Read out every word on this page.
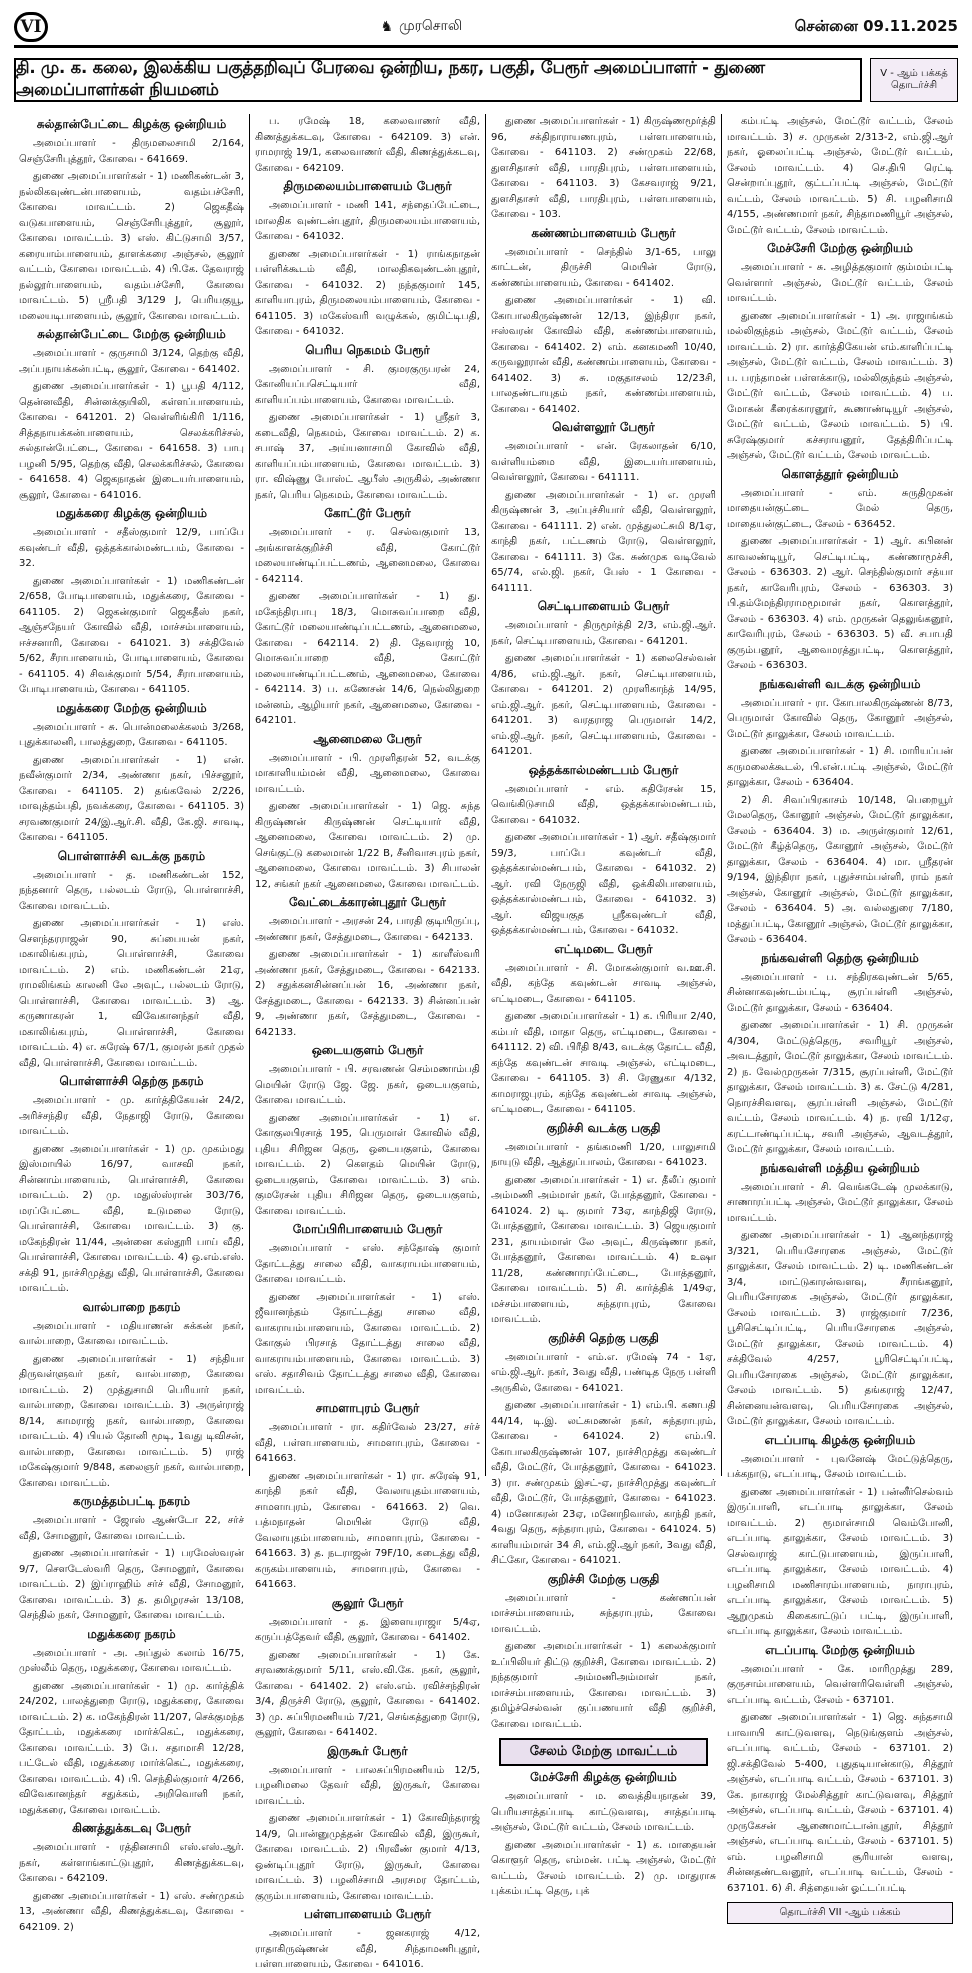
VI	♞ முரசொலி	சென்னை 09.11.2025
தி. மு. க. கலை, இலக்கிய பகுத்தறிவுப் பேரவை ஒன்றிய, நகர, பகுதி, பேரூர் அமைப்பாளர் - துணை அமைப்பாளர்கள் நியமனம்
V - ஆம் பக்கத்
தொடர்ச்சி
சுல்தான்பேட்டை கிழக்கு ஒன்றியம்

அமைப்பாளர் - திருமலைசாமி 2/164, செஞ்சேரிபுத்தூர், கோவை - 641669.

துணை அமைப்பாளர்கள் - 1) மணிகண்டன் 3, நல்லிகவுண்டன்பாளையம், வதம்பச்சேரி, கோவை மாவட்டம். 2) ஜெகதீஷ் வடுகபாளையம், செஞ்சேரிபுத்தூர், சூலூர், கோவை மாவட்டம். 3) எஸ். கிட்டுசாமி 3/57, கரையாம்பாளையம், தாளக்கரை அஞ்சல், சூலூர் வட்டம், கோவை மாவட்டம். 4) பி.கே. தேவராஜ் நல்லூர்பாளையம், வதம்பச்சேரி, கோவை மாவட்டம். 5) ஸ்ரீபதி 3/129 J, பெரியகுயூ, மலையடிபாளையம், சூலூர், கோவை மாவட்டம்.

சுல்தான்பேட்டை மேற்கு ஒன்றியம்

அமைப்பாளர் - குருசாமி 3/124, தெற்கு வீதி, அப்பநாயக்கன்பட்டி, சூலூர், கோவை - 641402.

துணை அமைப்பாளர்கள் - 1) பூபதி 4/112, தென்னவீதி, சின்னக்குயிலி, கள்ளப்பாளையம், கோவை - 641201. 2) வெள்ளிங்கிரி 1/116, சித்தநாயக்கன்பாளையம், செலக்கரிச்சல், சுல்தான்பேட்டை, கோவை - 641658. 3) பாபு பழனி 5/95, தெற்கு வீதி, செலக்கரிச்சல், கோவை - 641658. 4) ஜெகநாதன் இடையர்பாளையம், சூலூர், கோவை - 641016.

மதுக்கரை கிழக்கு ஒன்றியம்

அமைப்பாளர் - சதீஸ்குமார் 12/9, பாப்பே கவுண்டர் வீதி, ஒத்தக்கால்மண்டபம், கோவை - 32.

துணை அமைப்பாளர்கள் - 1) மணிகண்டன் 2/658, போடிபாளையம், மதுக்கரை, கோவை - 641105. 2) ஜெகன்குமார் ஜெகதீஸ் நகர், ஆஞ்சநேயர் கோவில் வீதி, மாச்சம்பாளையம், ஈச்சனாரி, கோவை - 641021. 3) சக்திவேல் 5/62, சீராபாளையம், போடிபாளையம், கோவை - 641105. 4) சிவக்குமார் 5/54, சீராபாளையம், போடிபாளையம், கோவை - 641105.

மதுக்கரை மேற்கு ஒன்றியம்

அமைப்பாளர் - சு. பொன்மலைக்கலம் 3/268, புதுக்காலனி, பாலத்துறை, கோவை - 641105.

துணை அமைப்பாளர்கள் - 1) என். நவீன்குமார் 2/34, அண்ணா நகர், பிச்சனூர், கோவை - 641105. 2) தங்கவேல் 2/226, மாவுத்தம்பதி, நவக்கரை, கோவை - 641105. 3) சரவணகுமார் 24/இ.ஆர்.சி. வீதி, கே.ஜி. சாவடி, கோவை - 641105.

பொள்ளாச்சி வடக்கு நகரம்

அமைப்பாளர் - த. மணிகண்டன் 152, நந்தனார் தெரு, பல்லடம் ரோடு, பொள்ளாச்சி, கோவை மாவட்டம்.

துணை அமைப்பாளர்கள் - 1) எஸ். செளந்தரராஜன் 90, சுப்பையன் நகர், மகாலிங்கபுரம், பொள்ளாச்சி, கோவை மாவட்டம். 2) எம். மணிகண்டன் 21ஏ, ராமலிங்கம் காலனி லே அவுட், பல்லடம் ரோடு, பொள்ளாச்சி, கோவை மாவட்டம். 3) ஆ. கருணாகரன் 1, விவேகானந்தர் வீதி, மகாலிங்கபுரம், பொள்ளாச்சி, கோவை மாவட்டம். 4) எ. சுரேஷ் 67/1, குமரன் நகர் முதல் வீதி, பொள்ளாச்சி, கோவை மாவட்டம்.

பொள்ளாச்சி தெற்கு நகரம்

அமைப்பாளர் - மு. கார்த்திகேயன் 24/2, அரிச்சந்திர வீதி, நேதாஜி ரோடு, கோவை மாவட்டம்.

துணை அமைப்பாளர்கள் - 1) மு. முகம்மது இஸ்மாயில் 16/97, வாசவி நகர், சின்னாம்பாளையம், பொள்ளாச்சி, கோவை மாவட்டம். 2) மு. மதுஸ்ஸ்ரான் 303/76, மரப்பேட்டை வீதி, உடுமலை ரோடு, பொள்ளாச்சி, கோவை மாவட்டம். 3) கு. மகேந்திரன் 11/44, அன்னை கஸ்தூரி பாய் வீதி, பொள்ளாச்சி, கோவை மாவட்டம். 4) ஒ.எம்.எஸ். சக்தி 91, நாச்சிமுத்து வீதி, பொள்ளாச்சி, கோவை மாவட்டம்.

வால்பாறை நகரம்

அமைப்பாளர் - மதியாணன் சுக்கன் நகர், வால்பாறை, கோவை மாவட்டம்.

துணை அமைப்பாளர்கள் - 1) சந்தியா திருவள்ளுவர் நகர், வால்பாறை, கோவை மாவட்டம். 2) முத்துசாமி பெரியார் நகர், வால்பாறை, கோவை மாவட்டம். 3) அருள்ராஜ் 8/14, காமராஜ் நகர், வால்பாறை, கோவை மாவட்டம். 4) பியல் தோனி மூடி, 1வது டிவிசன், வால்பாறை, கோவை மாவட்டம். 5) ராஜ் மகேஷ்குமார் 9/848, கலைஞர் நகர், வால்பாறை, கோவை மாவட்டம்.

கருமத்தம்பட்டி நகரம்

அமைப்பாளர் - ஜோஸ் ஆண்டோ 22, சர்ச் வீதி, சோமனூர், கோவை மாவட்டம்.

துணை அமைப்பாளர்கள் - 1) பரமேஸ்வரன் 9/7, செளடேஸ்வரி தெரு, சோமனூர், கோவை மாவட்டம். 2) இப்ராஹிம் சர்ச் வீதி, சோமனூர், கோவை மாவட்டம். 3) த. தமிழரசன் 13/108, செந்தில் நகர், சோமனூர், கோவை மாவட்டம்.

மதுக்கரை நகரம்

அமைப்பாளர் - அ. அப்துல் கலாம் 16/75, முஸ்லீம் தெரு, மதுக்கரை, கோவை மாவட்டம்.

துணை அமைப்பாளர்கள் - 1) மு. கார்த்திக் 24/202, பாலத்துறை ரோடு, மதுக்கரை, கோவை மாவட்டம். 2) க. மகேந்திரன் 11/207, செக்குமந்த தோட்டம், மதுக்கரை மார்க்கெட், மதுக்கரை, கோவை மாவட்டம். 3) பே. சதாமாசி 12/28, பட்டேல் வீதி, மதுக்கரை மார்க்கெட், மதுக்கரை, கோவை மாவட்டம். 4) பி. செந்தில்குமார் 4/266, விவேகானந்தர் சதுக்கம், அறிவொளி நகர், மதுக்கரை, கோவை மாவட்டம்.

கிணத்துக்கடவு பேரூர்

அமைப்பாளர் - ரத்தினசாமி எஸ்.எஸ்.ஆர். நகர், கள்ளாங்காட்டுபுதூர், கிணத்துக்கடவு, கோவை - 642109.

துணை அமைப்பாளர்கள் - 1) எஸ். சண்முகம் 13, அண்ணா வீதி, கிணத்துக்கடவு, கோவை - 642109. 2)

ப. ரமேஷ் 18, கலைவாணர் வீதி, கிணத்துக்கடவு, கோவை - 642109. 3) என். ராமராஜ் 19/1, கலைவாணர் வீதி, கிணத்துக்கடவு, கோவை - 642109.

திருமலையம்பாளையம் பேரூர்

அமைப்பாளர் - மணி 141, சந்தைப்பேட்டை, மாலதிக வுண்டன்புதூர், திருமலையம்பாளையம், கோவை - 641032.

துணை அமைப்பாளர்கள் - 1) ராங்கநாதன் பள்ளிக்கூடம் வீதி, மாலதிகவுண்டன்புதூர், கோவை - 641032. 2) நந்தகுமார் 145, காளியாபுரம், திருமலையம்பாளையம், கோவை - 641105. 3) மகேஸ்வரி வழுக்கல், குமிட்டிபதி, கோவை - 641032.

பெரிய நெகமம் பேரூர்

அமைப்பாளர் - சி. குமரகுருபரன் 24, கோனியப்பசெட்டியார் வீதி, காளியப்பம்பாளையம், கோவை மாவட்டம்.

துணை அமைப்பாளர்கள் - 1) ஸ்ரீதர் 3, கடைவீதி, நெகமம், கோவை மாவட்டம். 2) க. சபாஷ் 37, அய்யனாசாமி கோவில் வீதி, காளியப்பம்பாளையம், கோவை மாவட்டம். 3) ரா. விஷ்ணு போஸ்ட் ஆபீஸ் அருகில், அண்ணா நகர், பெரிய நெகமம், கோவை மாவட்டம்.

கோட்டூர் பேரூர்

அமைப்பாளர் - ர. செல்வகுமார் 13, அங்காளக்குறிச்சி வீதி, கோட்டூர் மலையாண்டிப்பட்டணம், ஆனைமலை, கோவை - 642114.

துணை அமைப்பாளர்கள் - 1) து. மகேந்திரபாபு 18/3, மொசுவப்பாறை வீதி, கோட்டூர் மலையாண்டிப்பட்டணம், ஆனைமலை, கோவை - 642114. 2) தி. தேவராஜ் 10, மொசுவப்பாறை வீதி, கோட்டூர் மலையாண்டிப்பட்டணம், ஆனைமலை, கோவை - 642114. 3) ப. கணேசன் 14/6, நெல்லிதுறை மன்னம், ஆழியார் நகர், ஆனைமலை, கோவை - 642101.

ஆனைமலை பேரூர்

அமைப்பாளர் - பி. முரளிதரன் 52, வடக்கு மாகாளியம்மன் வீதி, ஆனைமலை, கோவை மாவட்டம்.

துணை அமைப்பாளர்கள் - 1) ஜெ. சுந்த கிருஷ்ணன் கிருஷ்ணன் செட்டியார் வீதி, ஆனைமலை, கோவை மாவட்டம். 2) மு. செங்குட்டு கலைமான் 1/22 B, சீனிவாசபுரம் நகர், ஆனைமலை, கோவை மாவட்டம். 3) சிபாலன் 12, சங்கர் நகர் ஆனைமலை, கோவை மாவட்டம்.

வேட்டைக்காரன்புதூர் பேரூர்

அமைப்பாளர் - அரசன் 24, பாரதி குடியிருப்பு, அண்ணா நகர், சேத்துமடை, கோவை - 642133.

துணை அமைப்பாளர்கள் - 1) காளீஸ்வரி அண்ணா நகர், சேத்துமடை, கோவை - 642133. 2) சதுக்கனசின்னப்பன் 16, அண்ணா நகர், சேத்துமடை, கோவை - 642133. 3) சின்னப்பன் 9, அண்ணா நகர், சேத்துமடை, கோவை - 642133.

ஒடையகுளம் பேரூர்

அமைப்பாளர் - பி. சரவணன் செம்மணாம்பதி மெயின் ரோடு ஜே. ஜே. நகர், ஒடையகுளம், கோவை மாவட்டம்.

துணை அமைப்பாளர்கள் - 1) எ. கோகுலபிரசாத் 195, பெருமாள் கோவில் வீதி, புதிய சிரிஜன தெரு, ஒடையகுளம், கோவை மாவட்டம். 2) கெளதம் மெயின் ரோடு, ஒடையகுளம், கோவை மாவட்டம். 3) எம். குமரேசன் புதிய சிரிஜன தெரு, ஒடையகுளம், கோவை மாவட்டம்.

மோப்பிரிபாளையம் பேரூர்

அமைப்பாளர் - எஸ். சந்தோஷ் குமார் தோட்டத்து சாலை வீதி, வாகராயம்பாளையம், கோவை மாவட்டம்.

துணை அமைப்பாளர்கள் - 1) எஸ். ஜீவானந்தம் தோட்டத்து சாலை வீதி, வாகராயம்பாளையம், கோவை மாவட்டம். 2) கோகுல் பிரசாத் தோட்டத்து சாலை வீதி, வாகராயம்பாளையம், கோவை மாவட்டம். 3) எஸ். சதாசிவம் தோட்டத்து சாலை வீதி, கோவை மாவட்டம்.

சாமளாபுரம் பேரூர்

அமைப்பாளர் - ரா. கதிர்வேல் 23/27, சர்ச் வீதி, பள்ளபாளையம், சாமளாபுரம், கோவை - 641663.

துணை அமைப்பாளர்கள் - 1) ரா. சுரேஷ் 91, காந்தி நகர் வீதி, வேலாயுதம்பாளையம், சாமளாபுரம், கோவை - 641663. 2) வெ. பத்மநாதன் மெயின் ரோடு வீதி, வேலாயுதம்பாளையம், சாமளாபுரம், கோவை - 641663. 3) த. நடராஜன் 79F/10, கடைத்து வீதி, கருகம்பாளையம், சாமளாபுரம், கோவை - 641663.

சூலூர் பேரூர்

அமைப்பாளர் - த. இளையராஜா 5/4ஏ, கருப்பத்தேவர் வீதி, சூலூர், கோவை - 641402.

துணை அமைப்பாளர்கள் - 1) கே. சரவணக்குமார் 5/11, எஸ்.வி.கே. நகர், சூலூர், கோவை - 641402. 2) எஸ்.எம். ரவிச்சந்திரன் 3/4, திருச்சி ரோடு, சூலூர், கோவை - 641402. 3) மு. சுப்பிரமணியம் 7/21, செங்கத்துறை ரோடு, சூலூர், கோவை - 641402.

இருகூர் பேரூர்

அமைப்பாளர் - பாலசுப்பிரமணியம் 12/5, பழனிமலை தேவர் வீதி, இருகூர், கோவை மாவட்டம்.

துணை அமைப்பாளர்கள் - 1) கோவிந்தராஜ் 14/9, பொன்னுமுத்தன் கோவில் வீதி, இருகூர், கோவை மாவட்டம். 2) பிரவீண் குமார் 4/13, ஒண்டிப்புதூர் ரோடு, இருகூர், கோவை மாவட்டம். 3) பழனிச்சாமி அரசமர தோட்டம், குரும்பபாளையம், கோவை மாவட்டம்.

பள்ளபாளையம் பேரூர்

அமைப்பாளர் - ஜனகராஜ் 4/12, ராதாகிருஷ்ணன் வீதி, சிந்தாமணிபுதூர், பள்ளபாளையம், கோவை - 641016.

துணை அமைப்பாளர்கள் - 1) கிருஷ்ணமூர்த்தி 96, சக்திநாராயணபுரம், பள்ளபாளையம், கோவை - 641103. 2) சண்முகம் 22/68, துளசிதாசர் வீதி, பாரதிபுரம், பள்ளபாளையம், கோவை - 641103. 3) கேசவராஜ் 9/21, துளசிதாசர் வீதி, பாரதிபுரம், பள்ளபாளையம், கோவை - 103.

கண்ணம்பாளையம் பேரூர்

அமைப்பாளர் - செந்தில் 3/1-65, பாலு காட்டன், திருச்சி மெயின் ரோடு, கண்ணம்பாளையம், கோவை - 641402.

துணை அமைப்பாளர்கள் - 1) வி. கோபாலகிருஷ்ணன் 12/13, இந்திரா நகர், ஈஸ்வரன் கோவில் வீதி, கண்ணம்பாளையம், கோவை - 641402. 2) எம். கனகமணி 10/40, கருவலூரான் வீதி, கண்ணம்பாளையம், கோவை - 641402. 3) சு. மகுதாசலம் 12/23சி, பாலதண்டாயுதம் நகர், கண்ணம்பாளையம், கோவை - 641402.

வெள்ளலூர் பேரூர்

அமைப்பாளர் - என். ரேகலாதன் 6/10, வள்ளியம்மை வீதி, இடையர்பாளையம், வெள்ளலூர், கோவை - 641111.

துணை அமைப்பாளர்கள் - 1) எ. முரளி கிருஷ்ணன் 3, அப்புச்சியார் வீதி, வெள்ளலூர், கோவை - 641111. 2) என். முத்துலட்சுமி 8/1ஏ, காந்தி நகர், பட்டணம் ரோடு, வெள்ளலூர், கோவை - 641111. 3) கே. சுண்முக வடிவேல் 65/74, எல்.ஜி. நகர், பேஸ் - 1 கோவை - 641111.

செட்டிபாளையம் பேரூர்

அமைப்பாளர் - திருமூர்த்தி 2/3, எம்.ஜி.ஆர். நகர், செட்டிபாளையம், கோவை - 641201.

துணை அமைப்பாளர்கள் - 1) கலைசெல்வன் 4/86, எம்.ஜி.ஆர். நகர், செட்டிபாளையம், கோவை - 641201. 2) முரளிகாந்த் 14/95, எம்.ஜி.ஆர். நகர், செட்டிபாளையம், கோவை - 641201. 3) வரதராஜ பெருமாள் 14/2, எம்.ஜி.ஆர். நகர், செட்டிபாளையம், கோவை - 641201.

ஒத்தக்கால்மண்டபம் பேரூர்

அமைப்பாளர் - எம். கதிரேசன் 15, வெங்கிடுசாமி வீதி, ஒத்தக்கால்மண்டபம், கோவை - 641032.

துணை அமைப்பாளர்கள் - 1) ஆர். சதீஷ்குமார் 59/3, பாப்பே கவுண்டர் வீதி, ஒத்தக்கால்மண்டபம், கோவை - 641032. 2) ஆர். ரவி நேருஜி வீதி, ஒக்கிலிபாளையம், ஒத்தக்கால்மண்டபம், கோவை - 641032. 3) ஆர். விஜயகுத ஸ்ரீகவுண்டர் வீதி, ஒத்தக்கால்மண்டபம், கோவை - 641032.

எட்டிமடை பேரூர்

அமைப்பாளர் - சி. மோகன்குமார் வ.ஊ.சி. வீதி, கந்தே கவுண்டன் சாவடி அஞ்சல், எட்டிமடை, கோவை - 641105.

துணை அமைப்பாளர்கள் - 1) க. பிரியா 2/40, கம்பர் வீதி, மாதா தெரு, எட்டிமடை, கோவை - 641112. 2) வி. பிரீதி 8/43, வடக்கு தோட்ட வீதி, கந்தே கவுண்டன் சாவடி அஞ்சல், எட்டிமடை, கோவை - 641105. 3) சி. ரேணுகா 4/132, காமராஜபுரம், கந்தே கவுண்டன் சாவடி அஞ்சல், எட்டிமடை, கோவை - 641105.

குறிச்சி வடக்கு பகுதி

அமைப்பாளர் - தங்கமணி 1/20, பாலுசாமி நாயுடு வீதி, ஆத்துப்பாலம், கோவை - 641023.

துணை அமைப்பாளர்கள் - 1) எ. தீலீப் குமார் அம்மணி அம்மாள் நகர், போத்தனூர், கோவை - 641024. 2) டி. குமார் 73ஏ, காந்திஜி ரோடு, போத்தனூர், கோவை மாவட்டம். 3) ஜெயகுமார் 231, தாயம்மாள் லே அவுட், கிருஷ்ணா நகர், போத்தனூர், கோவை மாவட்டம். 4) உஷா 11/28, கண்ணாரப்பேட்டை, போத்தனூர், கோவை மாவட்டம். 5) சி. கார்த்திக் 1/49ஏ, மச்சம்பாளையம், சுந்தராபுரம், கோவை மாவட்டம்.

குறிச்சி தெற்கு பகுதி

அமைப்பாளர் - எம்.எ. ரமேஷ் 74 - 1ஏ, எம்.ஜி.ஆர். நகர், 3வது வீதி, பண்டித நேரு பள்ளி அருகில், கோவை - 641021.

துணை அமைப்பாளர்கள் - 1) எம்.பி. கணபதி 44/14, டி.இ. லட்சுமணன் நகர், சுந்தராபுரம், கோவை - 641024. 2) எம்.பி. கோபாலகிருஷ்ணன் 107, நாச்சிமுத்து கவுண்டர் வீதி, மேட்டூர், போத்தனூர், கோவை - 641023. 3) ரா. சண்முகம் இசட்-ஏ, நாச்சிமுத்து கவுண்டர் வீதி, மேட்டூர், போத்தனூர், கோவை - 641023. 4) மனோகரன் 23ஏ, மனோநிவாஸ், காந்தி நகர், 4வது தெரு, சுந்தராபுரம், கோவை - 641024. 5) காளியம்மாள் 34 சி, எம்.ஜி.ஆர் நகர், 3வது வீதி, சிட்கோ, கோவை - 641021.

குறிச்சி மேற்கு பகுதி

அமைப்பாளர் - கண்ணப்பன் மாச்சம்பாளையம், சுந்தராபுரம், கோவை மாவட்டம்.

துணை அமைப்பாளர்கள் - 1) கலைக்குமார் உப்பிலியர் திட்டு குறிச்சி, கோவை மாவட்டம். 2) நந்தகுமார் அம்மணிஅம்மாள் நகர், மாச்சம்பாளையம், கோவை மாவட்டம். 3) தமிழ்ச்செல்வன் குப்பணயார் வீதி குறிச்சி, கோவை மாவட்டம்.

சேலம் மேற்கு மாவட்டம்
மேச்சேரி கிழக்கு ஒன்றியம்

அமைப்பாளர் - ம. வைத்தியநாதன் 39, பெரியசாத்தப்பாடி காட்டுவளவு, சாத்தப்பாடி அஞ்சல், மேட்டூர் வட்டம், சேலம் மாவட்டம்.

துணை அமைப்பாளர்கள் - 1) க. மாதையன் கொளூர் தெரு, எம்மன். பட்டி அஞ்சல், மேட்டூர் வட்டம், சேலம் மாவட்டம். 2) மு. மாதுராசு புக்கம்பட்டி தெரு, புக்

கம்பட்டி அஞ்சல், மேட்டூர் வட்டம், சேலம் மாவட்டம். 3) ச. முருகன் 2/313-2, எம்.ஜி.ஆர் நகர், ஓலைப்பட்டி அஞ்சல், மேட்டூர் வட்டம், சேலம் மாவட்டம். 4) செ.திபி ரெட்டி சென்றாப்புதூர், குட்டப்பட்டி அஞ்சல், மேட்டூர் வட்டம், சேலம் மாவட்டம். 5) சி. பழனிசாமி 4/155, அண்ணமார் நகர், சிந்தாமணியூர் அஞ்சல், மேட்டூர் வட்டம், சேலம் மாவட்டம்.

மேச்சேரி மேற்கு ஒன்றியம்

அமைப்பாளர் - சு. அழித்தகுமார் கும்மம்பட்டி வெள்ளார் அஞ்சல், மேட்டூர் வட்டம், சேலம் மாவட்டம்.

துணை அமைப்பாளர்கள் - 1) அ. ராஜாங்கம் மல்லிகுந்தம் அஞ்சல், மேட்டூர் வட்டம், சேலம் மாவட்டம். 2) ரா. கார்த்திகேயன் எம்.காளிப்பட்டி அஞ்சல், மேட்டூர் வட்டம், சேலம் மாவட்டம். 3) ப. பரந்தாமன் பள்ளக்காடு, மல்லிகுந்தம் அஞ்சல், மேட்டூர் வட்டம், சேலம் மாவட்டம். 4) ப. மோகன் கீரைக்காரனூர், கூணாண்டியூர் அஞ்சல், மேட்டூர் வட்டம், சேலம் மாவட்டம். 5) பி. சுரேஷ்குமார் கச்சராயனூர், தேத்திரிப்பட்டி அஞ்சல், மேட்டூர் வட்டம், சேலம் மாவட்டம்.

கொளத்தூர் ஒன்றியம்

அமைப்பாளர் - எம். சுருதிமுகன் மாதையன்குட்டை மேல் தெரு, மாதையன்குட்டை, சேலம் - 636452.

துணை அமைப்பாளர்கள் - 1) ஆர். கபினன் காவலண்டியூர், செட்டிபட்டி, கண்ணாமூச்சி, சேலம் - 636303. 2) ஆர். செந்தில்குமார் சத்யா நகர், காவேரிபுரம், சேலம் - 636303. 3) பி.தம்மேந்திரராமமூமாள் நகர், கொளத்தூர், சேலம் - 636303. 4) எம். முருகன் தெலுங்கனூர், காவேரிபுரம், சேலம் - 636303. 5) வீ. சபாபதி குரும்பனூர், ஆவைமரத்துபட்டி, கொளத்தூர், சேலம் - 636303.

நங்கவள்ளி வடக்கு ஒன்றியம்

அமைப்பாளர் - ரா. கோபாலகிருஷ்ணன் 8/73, பெருமாள் கோவில் தெரு, கோனூர் அஞ்சல், மேட்டூர் தாலுக்கா, சேலம் மாவட்டம்.

துணை அமைப்பாளர்கள் - 1) சி. மாரியப்பன் கருமலைக்கூடல், பி.என்.பட்டி அஞ்சல், மேட்டூர் தாலுக்கா, சேலம் - 636404.

2) சி. சிவப்பிரகாசம் 10/148, பெறையூர் மேலதெரு, கோனூர் அஞ்சல், மேட்டூர் தாலுக்கா, சேலம் - 636404. 3) ம. அருள்குமார் 12/61, மேட்டூர் கீழ்த்தெரு, கோனூர் அஞ்சல், மேட்டூர் தாலுக்கா, சேலம் - 636404. 4) மா. ஸ்ரீதரன் 9/194, இந்திரா நகர், புதுச்சாம்பள்ளி, ராம் நகர் அஞ்சல், கோனூர் அஞ்சல், மேட்டூர் தாலுக்கா, சேலம் - 636404. 5) அ. வல்லதுரை 7/180, மத்துப்பட்டி, கோனூர் அஞ்சல், மேட்டூர் தாலுக்கா, சேலம் - 636404.

நங்கவள்ளி தெற்கு ஒன்றியம்

அமைப்பாளர் - ப. சந்திரகவுண்டன் 5/65, சின்னாகவுண்டம்பட்டி, சூரப்பள்ளி அஞ்சல், மேட்டூர் தாலுக்கா, சேலம் - 636404.

துணை அமைப்பாளர்கள் - 1) சி. முருகன் 4/304, மேட்டுத்தெரு, சவரியூர் அஞ்சல், அவடத்தூர், மேட்டூர் தாலுக்கா, சேலம் மாவட்டம். 2) ந. வேல்முருகன் 7/315, சூரப்பள்ளி, மேட்டூர் தாலுக்கா, சேலம் மாவட்டம். 3) க. சேட்டு 4/281, நொரச்சிவளவு, சூரப்பள்ளி அஞ்சல், மேட்டூர் வட்டம், சேலம் மாவட்டம். 4) ந. ரவி 1/12ஏ, கரட்டாண்டிப்பட்டி, சவரி அஞ்சல், ஆவடத்தூர், மேட்டூர் தாலுக்கா, சேலம் மாவட்டம்.

நங்கவள்ளி மத்திய ஒன்றியம்

அமைப்பாளர் - சி. வெங்கடேஷ் முலக்காடு, சாணாரப்பட்டி அஞ்சல், மேட்டூர் தாலுக்கா, சேலம் மாவட்டம்.

துணை அமைப்பாளர்கள் - 1) ஆனந்தராஜ் 3/321, பெரியசோரகை அஞ்சல், மேட்டூர் தாலுக்கா, சேலம் மாவட்டம். 2) டி. மணிகண்டன் 3/4, மாட்டுகாரன்வளவு, சீராங்கனூர், பெரியசோரகை அஞ்சல், மேட்டூர் தாலுக்கா, சேலம் மாவட்டம். 3) ராஜ்குமார் 7/236, பூசிசெட்டிப்பட்டி, பெரியசோரகை அஞ்சல், மேட்டூர் தாலுக்கா, சேலம் மாவட்டம். 4) சக்திவேல் 4/257, பூரிசெட்டிப்பட்டி, பெரியசோரகை அஞ்சல், மேட்டூர் தாலுக்கா, சேலம் மாவட்டம். 5) தங்கராஜ் 12/47, சின்னையன்வளவு, பெரியசோரகை அஞ்சல், மேட்டூர் தாலுக்கா, சேலம் மாவட்டம்.

எடப்பாடி கிழக்கு ஒன்றியம்

அமைப்பாளர் - புவனேஷ் மேட்டுத்தெரு, பக்கநாடு, எடப்பாடி, சேலம் மாவட்டம்.

துணை அமைப்பாளர்கள் - 1) பன்னீர்செல்வம் இருப்பாளி, எடப்பாடி தாலுக்கா, சேலம் மாவட்டம். 2) ரூமாள்சாமி வெம்போனி, எடப்பாடி தாலுக்கா, சேலம் மாவட்டம். 3) செல்வராஜ் காட்டுபாளையம், இருப்பாளி, எடப்பாடி தாலுக்கா, சேலம் மாவட்டம். 4) பழனிசாமி மணிசாரம்பாளையம், நாராபுரம், எடப்பாடி தாலுக்கா, சேலம் மாவட்டம். 5) ஆறுமுகம் கிகைகாட்டுப் பட்டி, இருப்பாளி, எடப்பாடி தாலுக்கா, சேலம் மாவட்டம்.

எடப்பாடி மேற்கு ஒன்றியம்

அமைப்பாளர் - கே. மாரிமுத்து 289, குருசாம்பாளையம், வெள்ளரிவெள்ளி அஞ்சல், எடப்பாடி வட்டம், சேலம் - 637101.

துணை அமைப்பாளர்கள் - 1) ஜெ. சுந்தசாமி பாவாயி காட்டுவளவு, நெடுங்குளம் அஞ்சல், எடப்பாடி வட்டம், சேலம் - 637101. 2) ஜி.சக்திவேல் 5-400, புதுதடியான்காடு, சித்தூர் அஞ்சல், எடப்பாடி வட்டம், சேலம் - 637101. 3) கே. நாகராஜ் மேல்சித்தூர் காட்டுவளவு, சித்தூர் அஞ்சல், எடப்பாடி வட்டம், சேலம் - 637101. 4) முருகேசன் ஆணைமாட்டான்புதூர், சித்தூர் அஞ்சல், எடப்பாடி வட்டம், சேலம் - 637101. 5) எம். பழனிசாமி சூரியான் வளவு, சின்னதண்டவனூர், எடப்பாடி வட்டம், சேலம் - 637101. 6) சி. சித்தையன் ஓட்டப்பட்டி

தொடர்ச்சி VII -ஆம் பக்கம்
